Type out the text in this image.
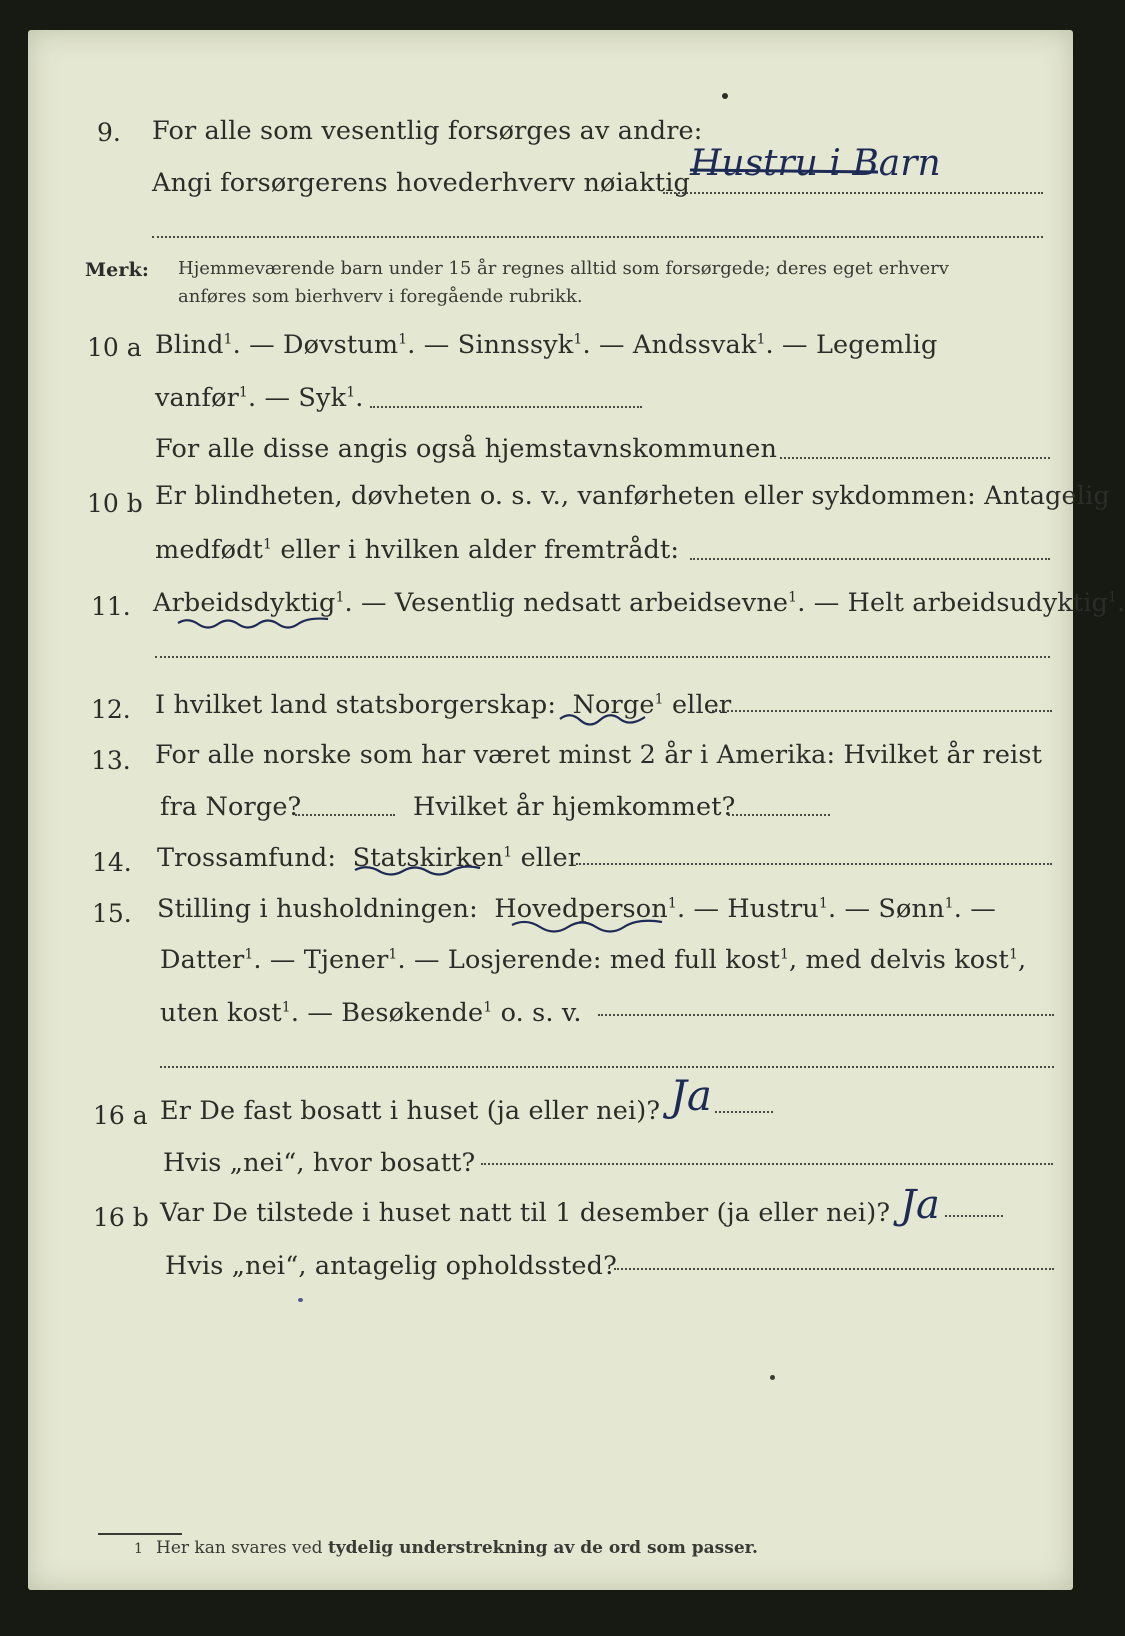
9. For alle som vesentlig forsørges av andre:
Angi forsørgerens hovederhverv nøiaktig Hustru i Barn
Merk: Hjemmeværende barn under 15 år regnes alltid som forsørgede; deres eget erhverv
anføres som bierhverv i foregående rubrikk.
10 a Blind$^1$. — Døvstum$^1$. — Sinnssyk$^1$. — Andssvak$^1$. — Legemlig
vanfør$^1$. — Syk$^1$.
For alle disse angis også hjemstavnskommunen
10 b Er blindheten, døvheten o. s. v., vanførheten eller sykdommen: Antagelig
medfødt$^1$ eller i hvilken alder fremtrådt:
11. Arbeidsdyktig$^1$. — Vesentlig nedsatt arbeidsevne$^1$. — Helt arbeidsudyktig$^1$.
12. I hvilket land statsborgerskap: Norge$^1$ eller
13. For alle norske som har været minst 2 år i Amerika: Hvilket år reist
fra Norge?	Hvilket år hjemkommet?
14. Trossamfund: Statskirken$^1$ eller
15. Stilling i husholdningen: Hovedperson$^1$. — Hustru$^1$. — Sønn$^1$. —
Datter$^1$. — Tjener$^1$. — Losjerende: med full kost$^1$, med delvis kost$^1$,
uten kost$^1$. — Besøkende$^1$ o. s. v.
16 a Er De fast bosatt i huset (ja eller nei)? Ja
Hvis „nei“, hvor bosatt?
16 b Var De tilstede i huset natt til 1 desember (ja eller nei)? Ja
Hvis „nei“, antagelig opholdssted?
1 Her kan svares ved tydelig understrekning av de ord som passer.
